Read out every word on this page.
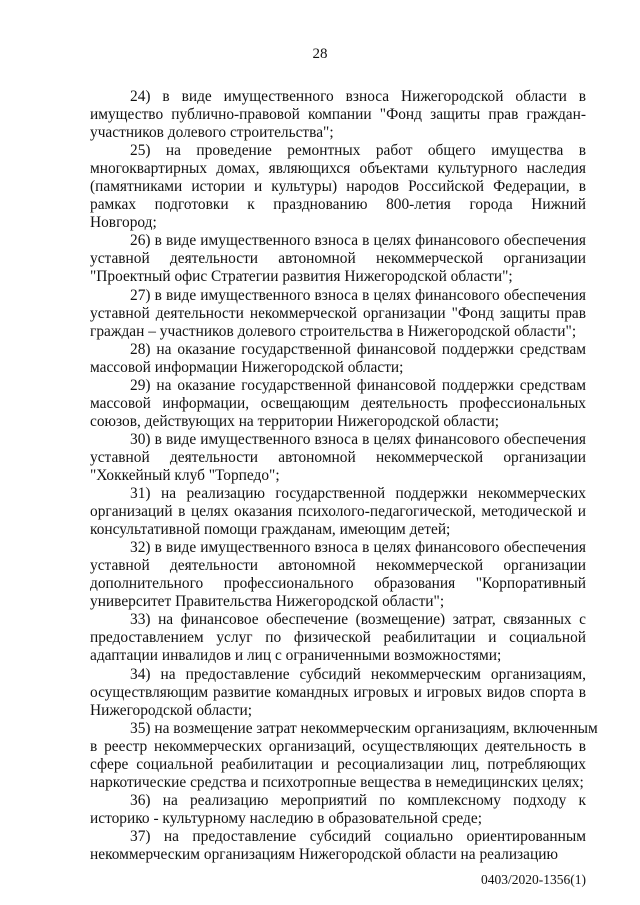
28
24) в виде имущественного взноса Нижегородской области в
имущество публично-правовой компании "Фонд защиты прав граждан-
участников долевого строительства";
25) на проведение ремонтных работ общего имущества в
многоквартирных домах, являющихся объектами культурного наследия
(памятниками истории и культуры) народов Российской Федерации, в
рамках подготовки к празднованию 800-летия города Нижний
Новгород;
26) в виде имущественного взноса в целях финансового обеспечения
уставной деятельности автономной некоммерческой организации
"Проектный офис Стратегии развития Нижегородской области";
27) в виде имущественного взноса в целях финансового обеспечения
уставной деятельности некоммерческой организации "Фонд защиты прав
граждан – участников долевого строительства в Нижегородской области";
28) на оказание государственной финансовой поддержки средствам
массовой информации Нижегородской области;
29) на оказание государственной финансовой поддержки средствам
массовой информации, освещающим деятельность профессиональных
союзов, действующих на территории Нижегородской области;
30) в виде имущественного взноса в целях финансового обеспечения
уставной деятельности автономной некоммерческой организации
"Хоккейный клуб "Торпедо";
31) на реализацию государственной поддержки некоммерческих
организаций в целях оказания психолого-педагогической, методической и
консультативной помощи гражданам, имеющим детей;
32) в виде имущественного взноса в целях финансового обеспечения
уставной деятельности автономной некоммерческой организации
дополнительного профессионального образования "Корпоративный
университет Правительства Нижегородской области";
33) на финансовое обеспечение (возмещение) затрат, связанных с
предоставлением услуг по физической реабилитации и социальной
адаптации инвалидов и лиц с ограниченными возможностями;
34) на предоставление субсидий некоммерческим организациям,
осуществляющим развитие командных игровых и игровых видов спорта в
Нижегородской области;
35) на возмещение затрат некоммерческим организациям, включенным
в реестр некоммерческих организаций, осуществляющих деятельность в
сфере социальной реабилитации и ресоциализации лиц, потребляющих
наркотические средства и психотропные вещества в немедицинских целях;
36) на реализацию мероприятий по комплексному подходу к
историко - культурному наследию в образовательной среде;
37) на предоставление субсидий социально ориентированным
некоммерческим организациям Нижегородской области на реализацию
0403/2020-1356(1)
